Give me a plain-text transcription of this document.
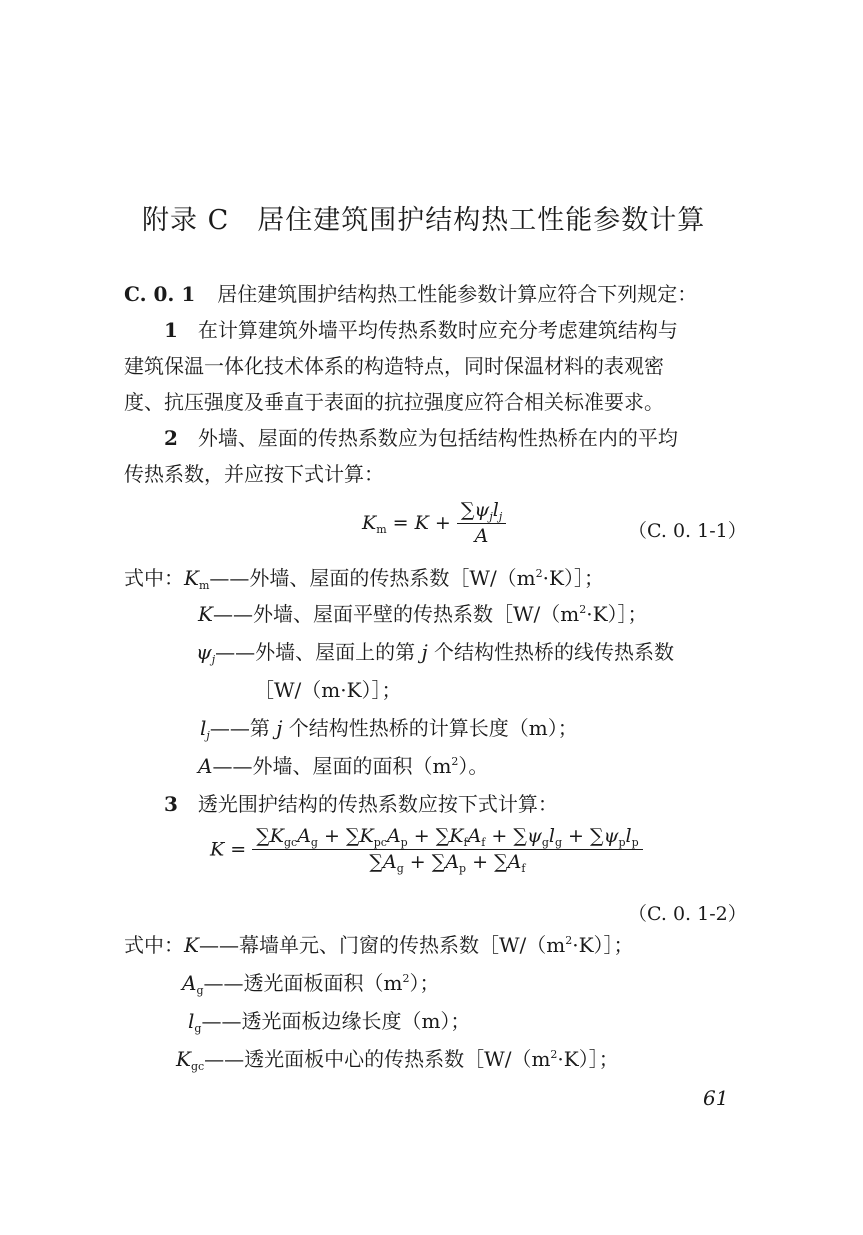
附录 C　居住建筑围护结构热工性能参数计算
C. 0. 1 居住建筑围护结构热工性能参数计算应符合下列规定：
1 在计算建筑外墙平均传热系数时应充分考虑建筑结构与
建筑保温一体化技术体系的构造特点，同时保温材料的表观密
度、抗压强度及垂直于表面的抗拉强度应符合相关标准要求。
2 外墙、屋面的传热系数应为包括结构性热桥在内的平均
传热系数，并应按下式计算：
$K_m = K + \frac{\sum\psi_jl_j}{A}$	（C. 0. 1-1）
式中：$K_m——$外墙、屋面的传热系数$[W/(m^2\cdot K)]$；
K——外墙、屋面平壁的传热系数$[W/(m^2\cdot K)]$；
$\psi_j——$外墙、屋面上的第 j 个结构性热桥的线传热系数
［W/（m·K）］；
$l_j——$第 j 个结构性热桥的计算长度（m）；
A——外墙、屋面的面积$(m^2)$。
3 透光围护结构的传热系数应按下式计算：
$K = \frac{\sum K_{gc}A_g + \sum K_{pc}A_p + \sum K_fA_f + \sum\psi_gl_g + \sum\psi_pl_p}{\sum A_g + \sum A_p + \sum A_f}$
（C. 0. 1-2）
式中：K——幕墙单元、门窗的传热系数$[W/(m^2\cdot K)]$；
$A_g——$透光面板面积$(m^2)$；
$l_g——$透光面板边缘长度（m）；
$K_{gc}——$透光面板中心的传热系数$[W/(m^2\cdot K)]$；
61
